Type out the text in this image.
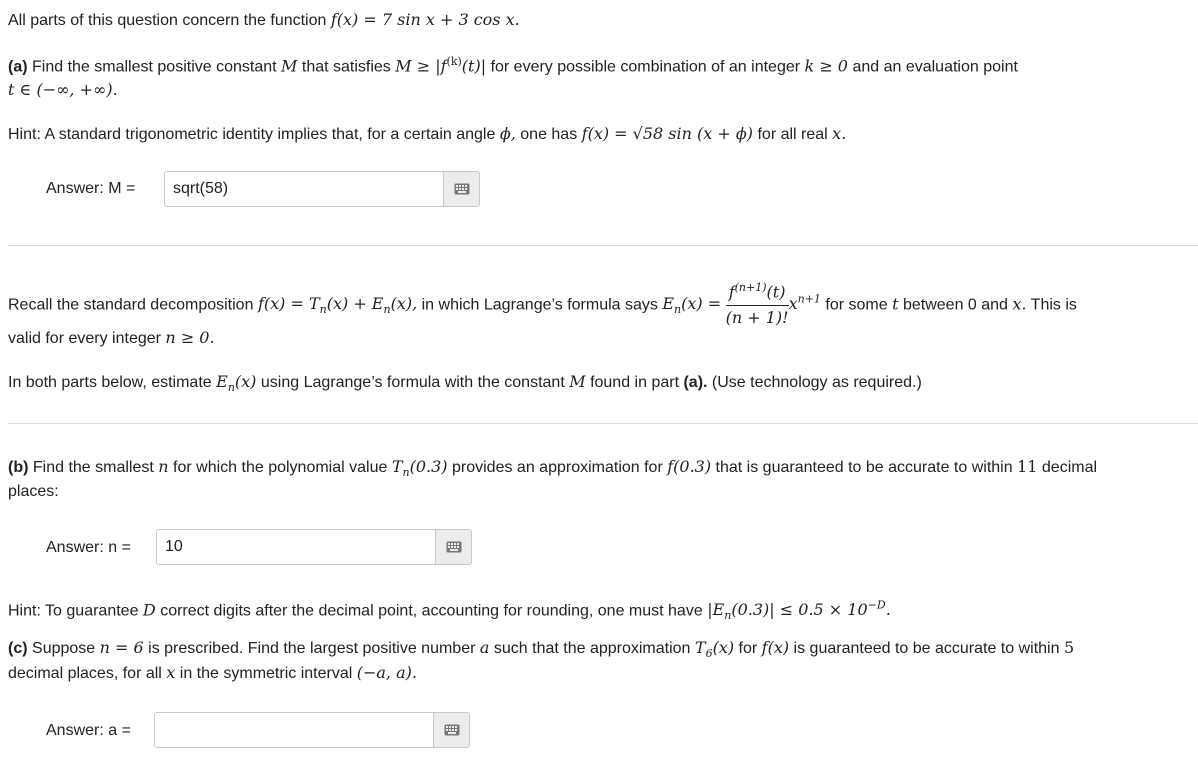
All parts of this question concern the function f(x) = 7 sin x + 3 cos x.
(a) Find the smallest positive constant M that satisfies $M \ge |f^{(k)}(t)|$ for every possible combination of an integer k ≥ 0 and an evaluation point
t ∈ (−∞, +∞).
Hint: A standard trigonometric identity implies that, for a certain angle ϕ, one has f(x) = √58 sin (x + ϕ) for all real x.
Answer: M =	sqrt(58)
Recall the standard decomposition $f(x) = T_n(x) + E_n(x)$, in which Lagrange’s formula says $E_n(x) = \frac{f^{(n+1)}(t)}{(n + 1)!} x^{n+1}$ for some t between 0 and x. This is
valid for every integer n ≥ 0.
In both parts below, estimate $E_n(x)$ using Lagrange’s formula with the constant M found in part (a). (Use technology as required.)
(b) Find the smallest n for which the polynomial value $T_n(0.3)$ provides an approximation for f(0.3) that is guaranteed to be accurate to within 11 decimal
places:
Answer: n =	10
Hint: To guarantee D correct digits after the decimal point, accounting for rounding, one must have $|E_n(0.3)| \le 0.5 \times 10^{-D}$.
(c) Suppose n = 6 is prescribed. Find the largest positive number a such that the approximation $T_6(x)$ for f(x) is guaranteed to be accurate to within 5
decimal places, for all x in the symmetric interval (−a, a).
Answer: a =
